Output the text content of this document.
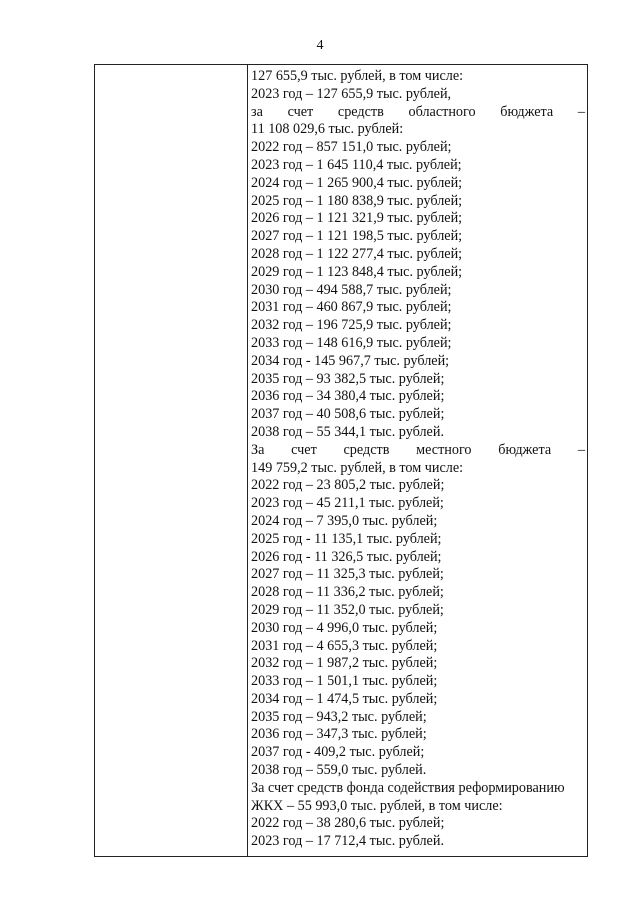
4
127 655,9 тыс. рублей, в том числе:
2023 год – 127 655,9 тыс. рублей,
за счет средств областного бюджета –
11 108 029,6 тыс. рублей:
2022 год – 857 151,0 тыс. рублей;
2023 год – 1 645 110,4 тыс. рублей;
2024 год – 1 265 900,4 тыс. рублей;
2025 год – 1 180 838,9 тыс. рублей;
2026 год – 1 121 321,9 тыс. рублей;
2027 год – 1 121 198,5 тыс. рублей;
2028 год – 1 122 277,4 тыс. рублей;
2029 год – 1 123 848,4 тыс. рублей;
2030 год – 494 588,7 тыс. рублей;
2031 год – 460 867,9 тыс. рублей;
2032 год – 196 725,9 тыс. рублей;
2033 год – 148 616,9 тыс. рублей;
2034 год - 145 967,7 тыс. рублей;
2035 год – 93 382,5 тыс. рублей;
2036 год – 34 380,4 тыс. рублей;
2037 год – 40 508,6 тыс. рублей;
2038 год – 55 344,1 тыс. рублей.
За счет средств местного бюджета –
149 759,2 тыс. рублей, в том числе:
2022 год – 23 805,2 тыс. рублей;
2023 год – 45 211,1 тыс. рублей;
2024 год – 7 395,0 тыс. рублей;
2025 год - 11 135,1 тыс. рублей;
2026 год - 11 326,5 тыс. рублей;
2027 год – 11 325,3 тыс. рублей;
2028 год – 11 336,2 тыс. рублей;
2029 год – 11 352,0 тыс. рублей;
2030 год – 4 996,0 тыс. рублей;
2031 год – 4 655,3 тыс. рублей;
2032 год – 1 987,2 тыс. рублей;
2033 год – 1 501,1 тыс. рублей;
2034 год – 1 474,5 тыс. рублей;
2035 год – 943,2 тыс. рублей;
2036 год – 347,3 тыс. рублей;
2037 год - 409,2 тыс. рублей;
2038 год – 559,0 тыс. рублей.
За счет средств фонда содействия реформированию
ЖКХ – 55 993,0 тыс. рублей, в том числе:
2022 год – 38 280,6 тыс. рублей;
2023 год – 17 712,4 тыс. рублей.
